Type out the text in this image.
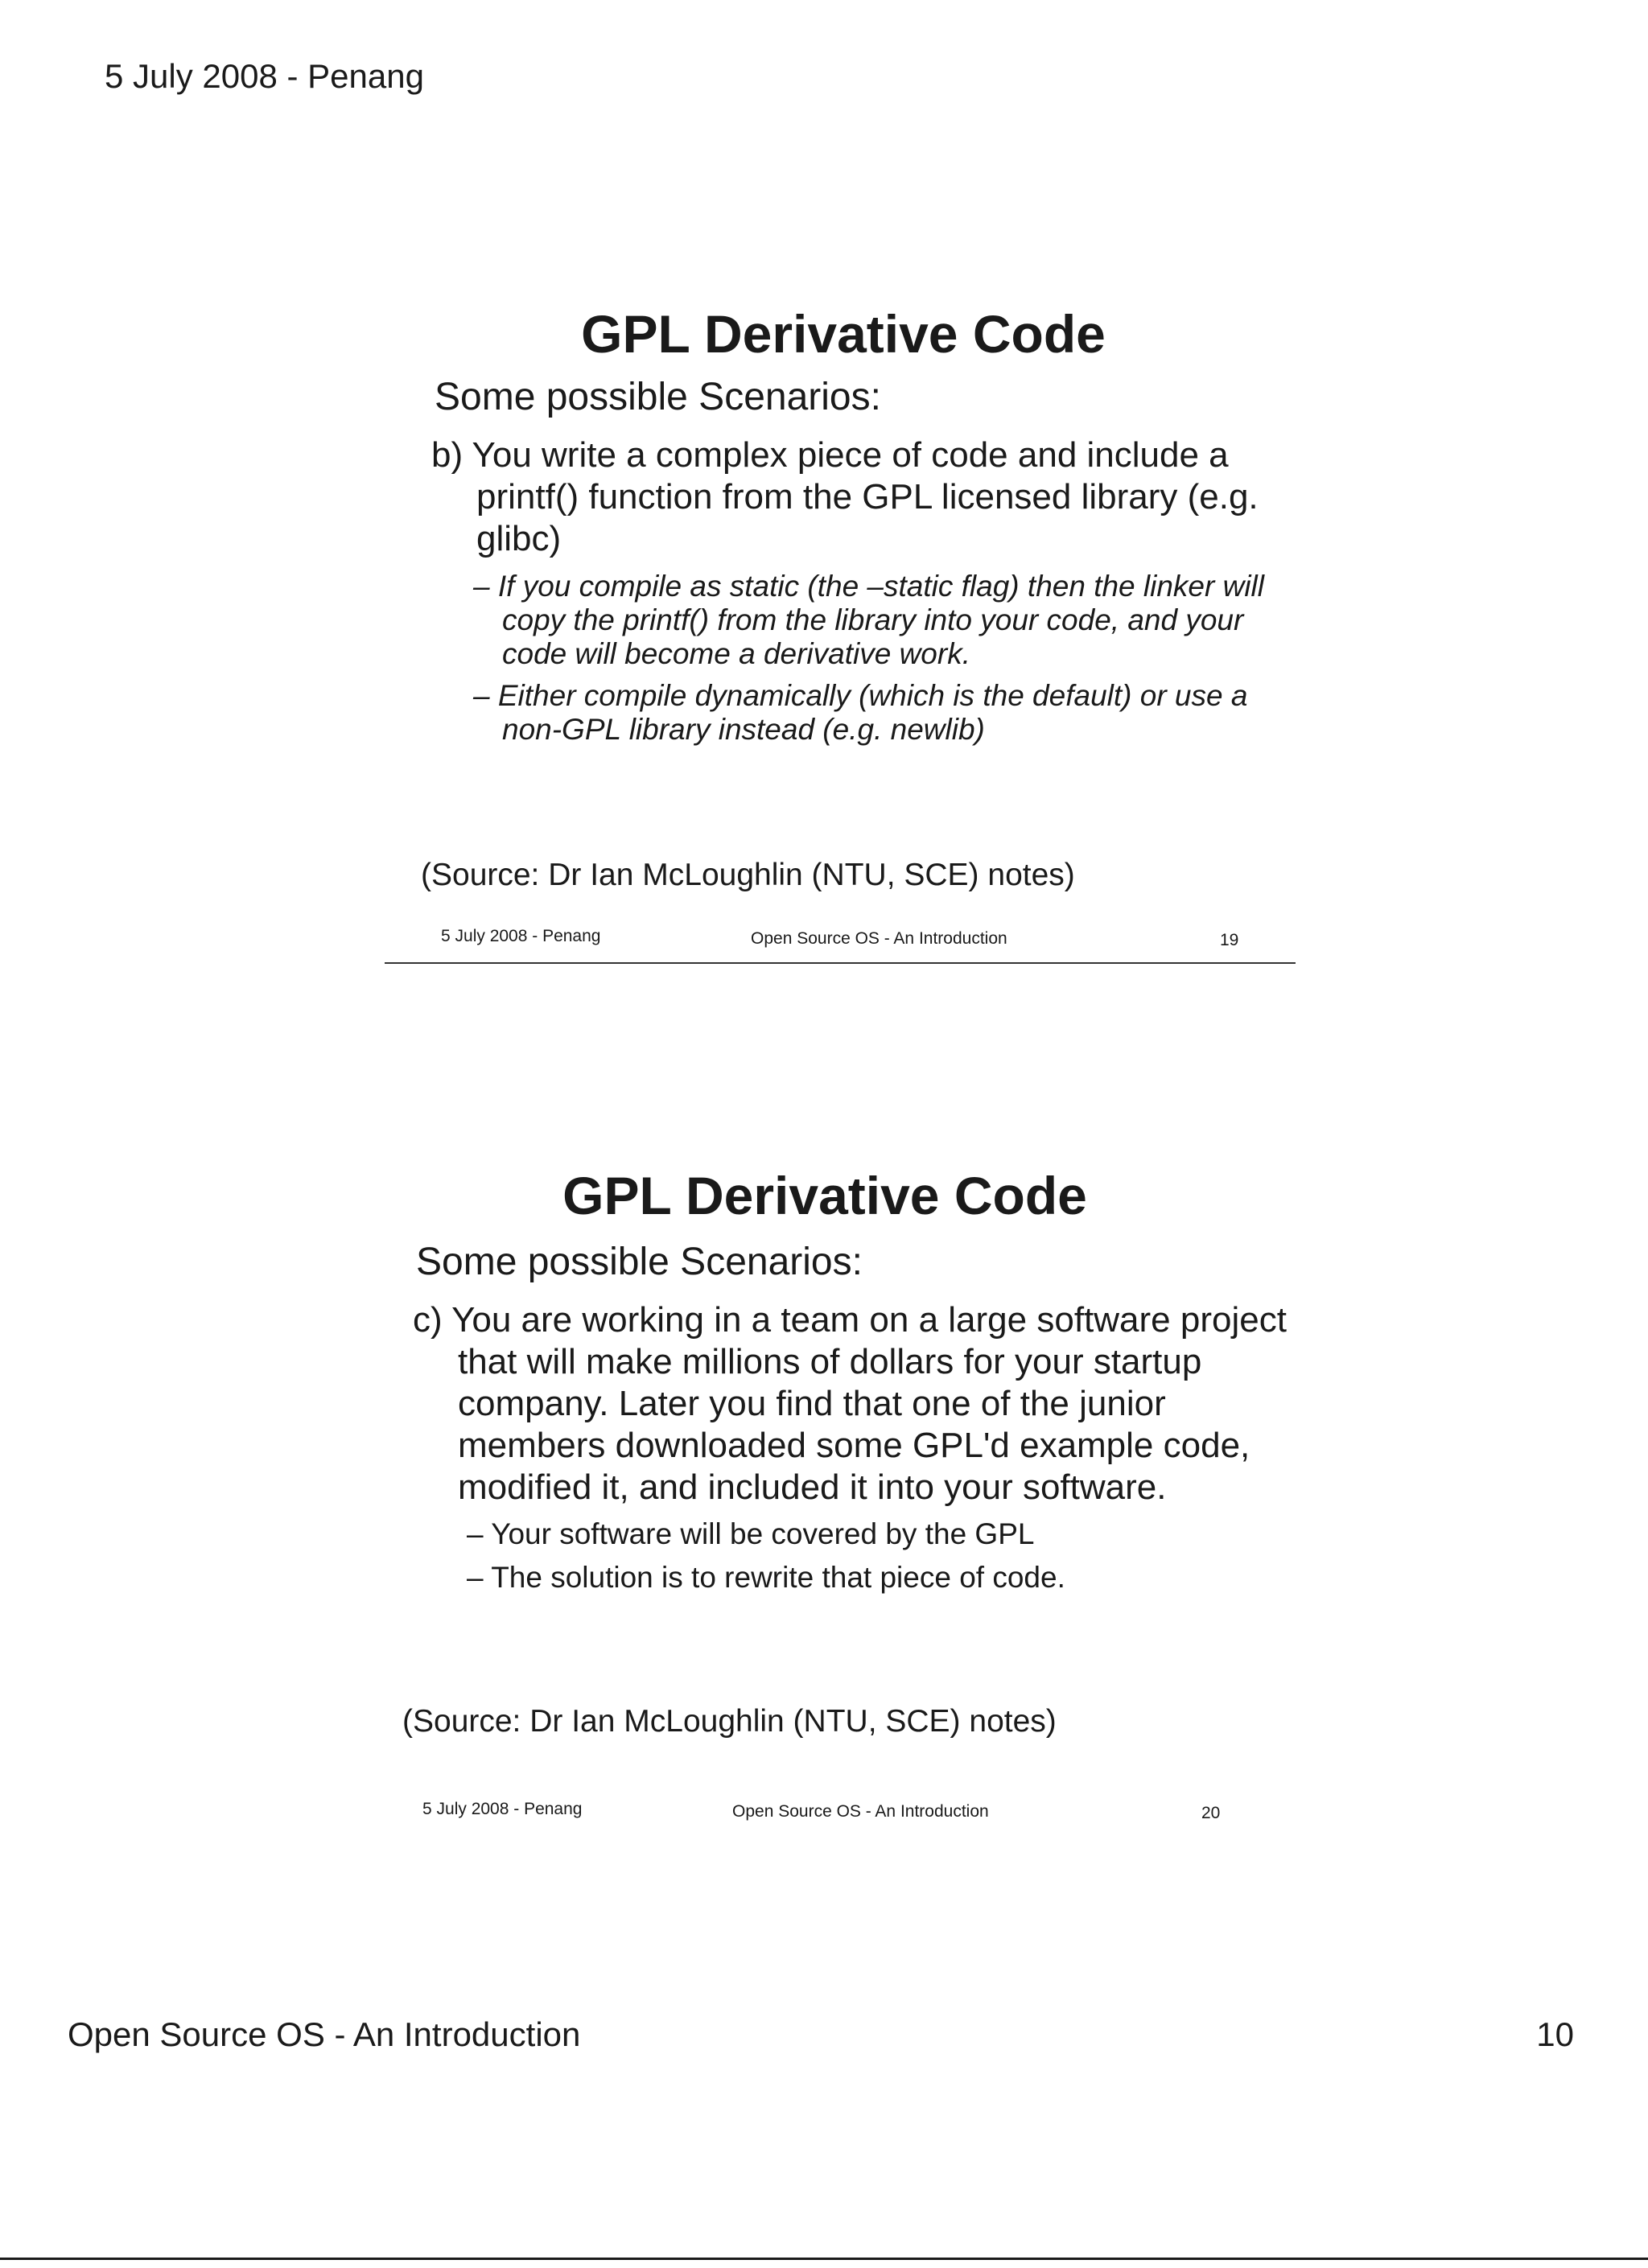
5 July 2008 - Penang
GPL Derivative Code
Some possible Scenarios:
b) You write a complex piece of code and include a printf() function from the GPL licensed library (e.g. glibc)
– If you compile as static (the –static flag) then the linker will copy the printf() from the library into your code, and your code will become a derivative work.
– Either compile dynamically (which is the default) or use a non-GPL library instead (e.g. newlib)
(Source: Dr Ian McLoughlin (NTU, SCE) notes)
5 July 2008 - Penang	Open Source OS - An Introduction	19
GPL Derivative Code
Some possible Scenarios:
c) You are working in a team on a large software project that will make millions of dollars for your startup company. Later you find that one of the junior members downloaded some GPL'd example code, modified it, and included it into your software.
– Your software will be covered by the GPL
– The solution is to rewrite that piece of code.
(Source: Dr Ian McLoughlin (NTU, SCE) notes)
5 July 2008 - Penang	Open Source OS - An Introduction	20
Open Source OS - An Introduction	10
